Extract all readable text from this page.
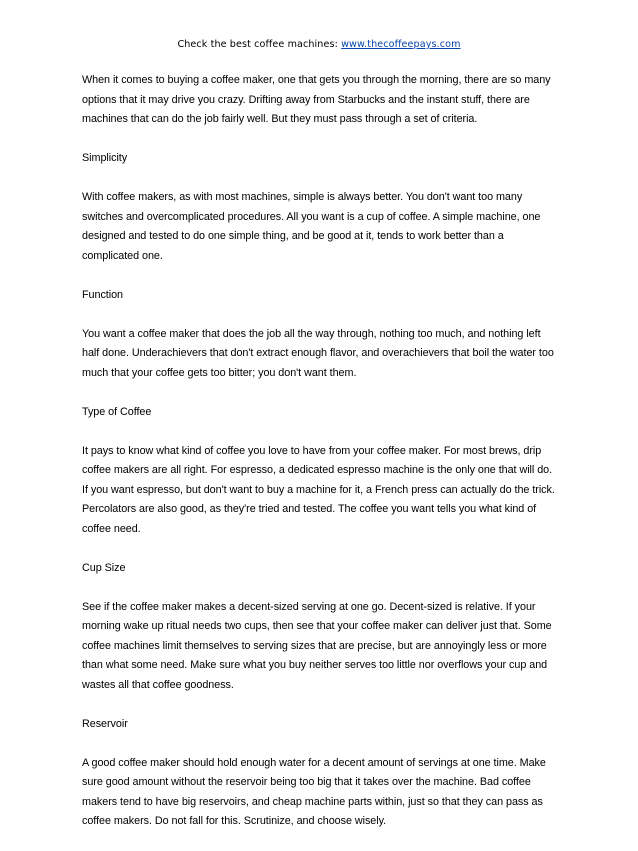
Check the best coffee machines: www.thecoffeepays.com

When it comes to buying a coffee maker, one that gets you through the morning, there are so many options that it may drive you crazy. Drifting away from Starbucks and the instant stuff, there are machines that can do the job fairly well. But they must pass through a set of criteria.

Simplicity

With coffee makers, as with most machines, simple is always better. You don't want too many switches and overcomplicated procedures. All you want is a cup of coffee. A simple machine, one designed and tested to do one simple thing, and be good at it, tends to work better than a complicated one.

Function

You want a coffee maker that does the job all the way through, nothing too much, and nothing left half done. Underachievers that don't extract enough flavor, and overachievers that boil the water too much that your coffee gets too bitter; you don't want them.

Type of Coffee

It pays to know what kind of coffee you love to have from your coffee maker. For most brews, drip coffee makers are all right. For espresso, a dedicated espresso machine is the only one that will do. If you want espresso, but don't want to buy a machine for it, a French press can actually do the trick. Percolators are also good, as they're tried and tested. The coffee you want tells you what kind of coffee need.

Cup Size

See if the coffee maker makes a decent-sized serving at one go. Decent-sized is relative. If your morning wake up ritual needs two cups, then see that your coffee maker can deliver just that. Some coffee machines limit themselves to serving sizes that are precise, but are annoyingly less or more than what some need. Make sure what you buy neither serves too little nor overflows your cup and wastes all that coffee goodness.

Reservoir

A good coffee maker should hold enough water for a decent amount of servings at one time. Make sure good amount without the reservoir being too big that it takes over the machine. Bad coffee makers tend to have big reservoirs, and cheap machine parts within, just so that they can pass as coffee makers. Do not fall for this. Scrutinize, and choose wisely.
